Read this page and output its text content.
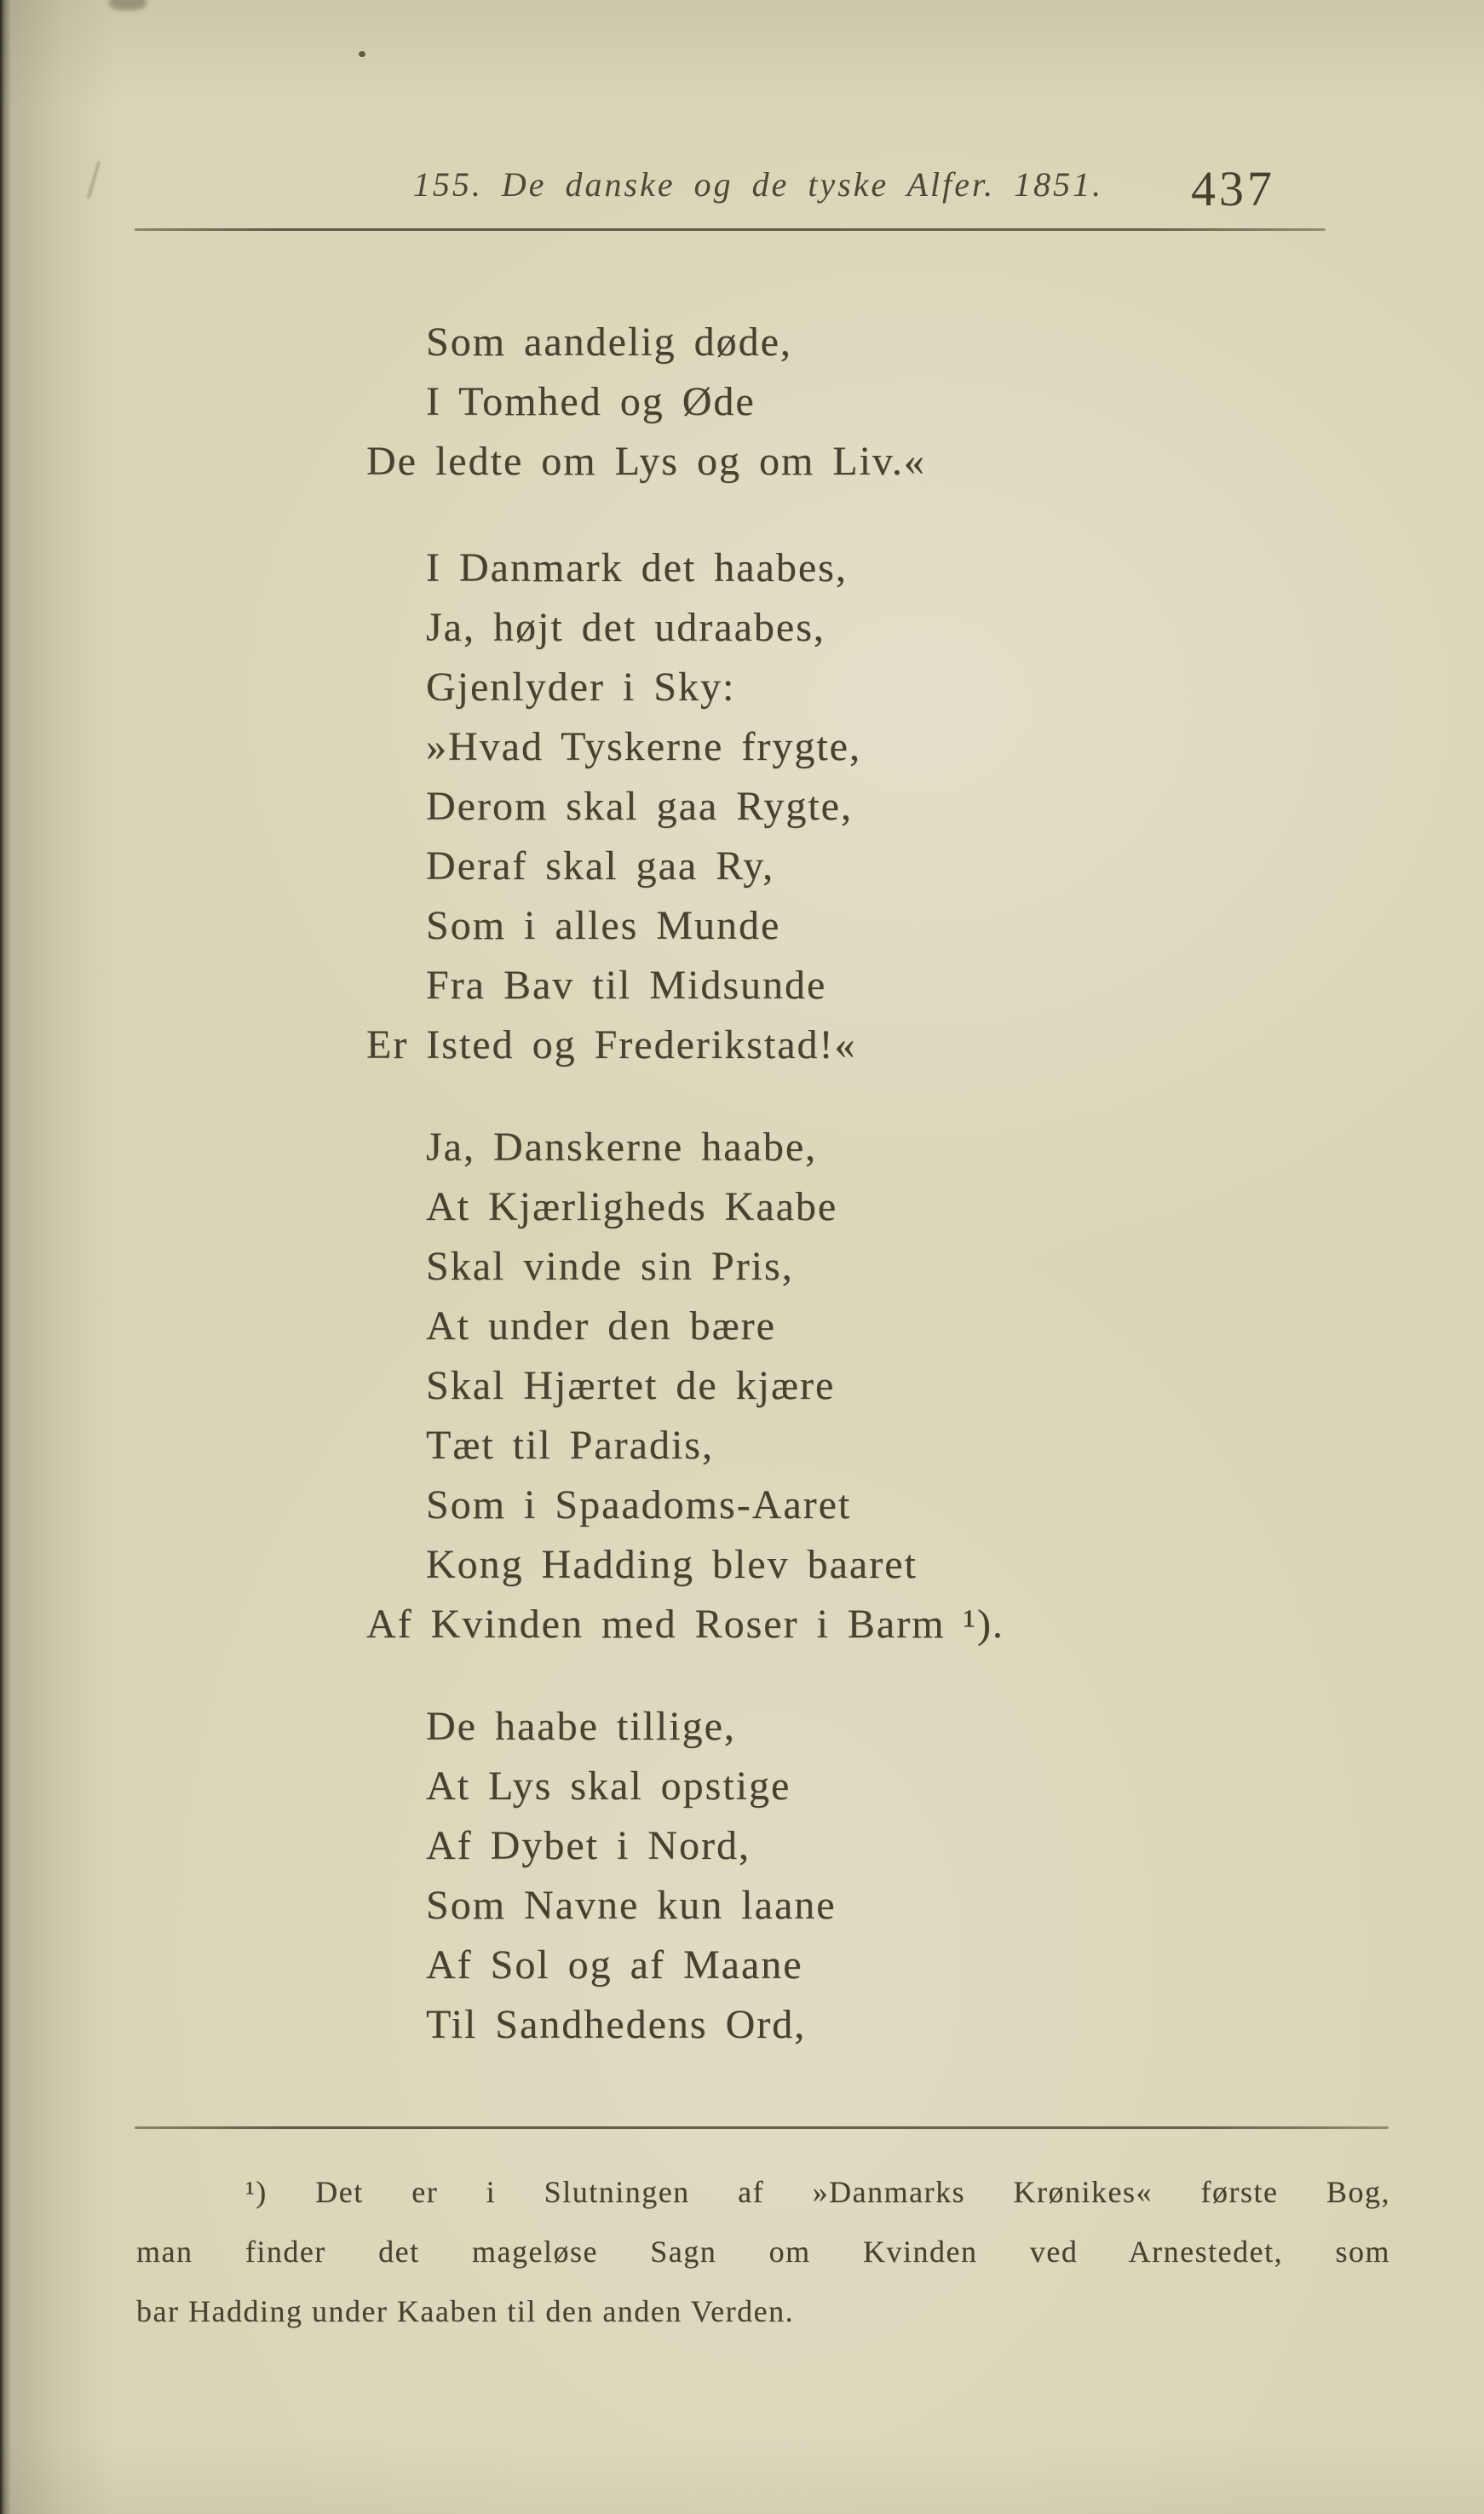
155. De danske og de tyske Alfer. 1851.	437
Som aandelig døde,
I Tomhed og Øde
De ledte om Lys og om Liv.«
I Danmark det haabes,
Ja, højt det udraabes,
Gjenlyder i Sky:
»Hvad Tyskerne frygte,
Derom skal gaa Rygte,
Deraf skal gaa Ry,
Som i alles Munde
Fra Bav til Midsunde
Er Isted og Frederikstad!«
Ja, Danskerne haabe,
At Kjærligheds Kaabe
Skal vinde sin Pris,
At under den bære
Skal Hjærtet de kjære
Tæt til Paradis,
Som i Spaadoms-Aaret
Kong Hadding blev baaret
Af Kvinden med Roser i Barm ¹).
De haabe tillige,
At Lys skal opstige
Af Dybet i Nord,
Som Navne kun laane
Af Sol og af Maane
Til Sandhedens Ord,
¹) Det er i Slutningen af »Danmarks Krønikes« første Bog,
man finder det mageløse Sagn om Kvinden ved Arnestedet, som
bar Hadding under Kaaben til den anden Verden.
